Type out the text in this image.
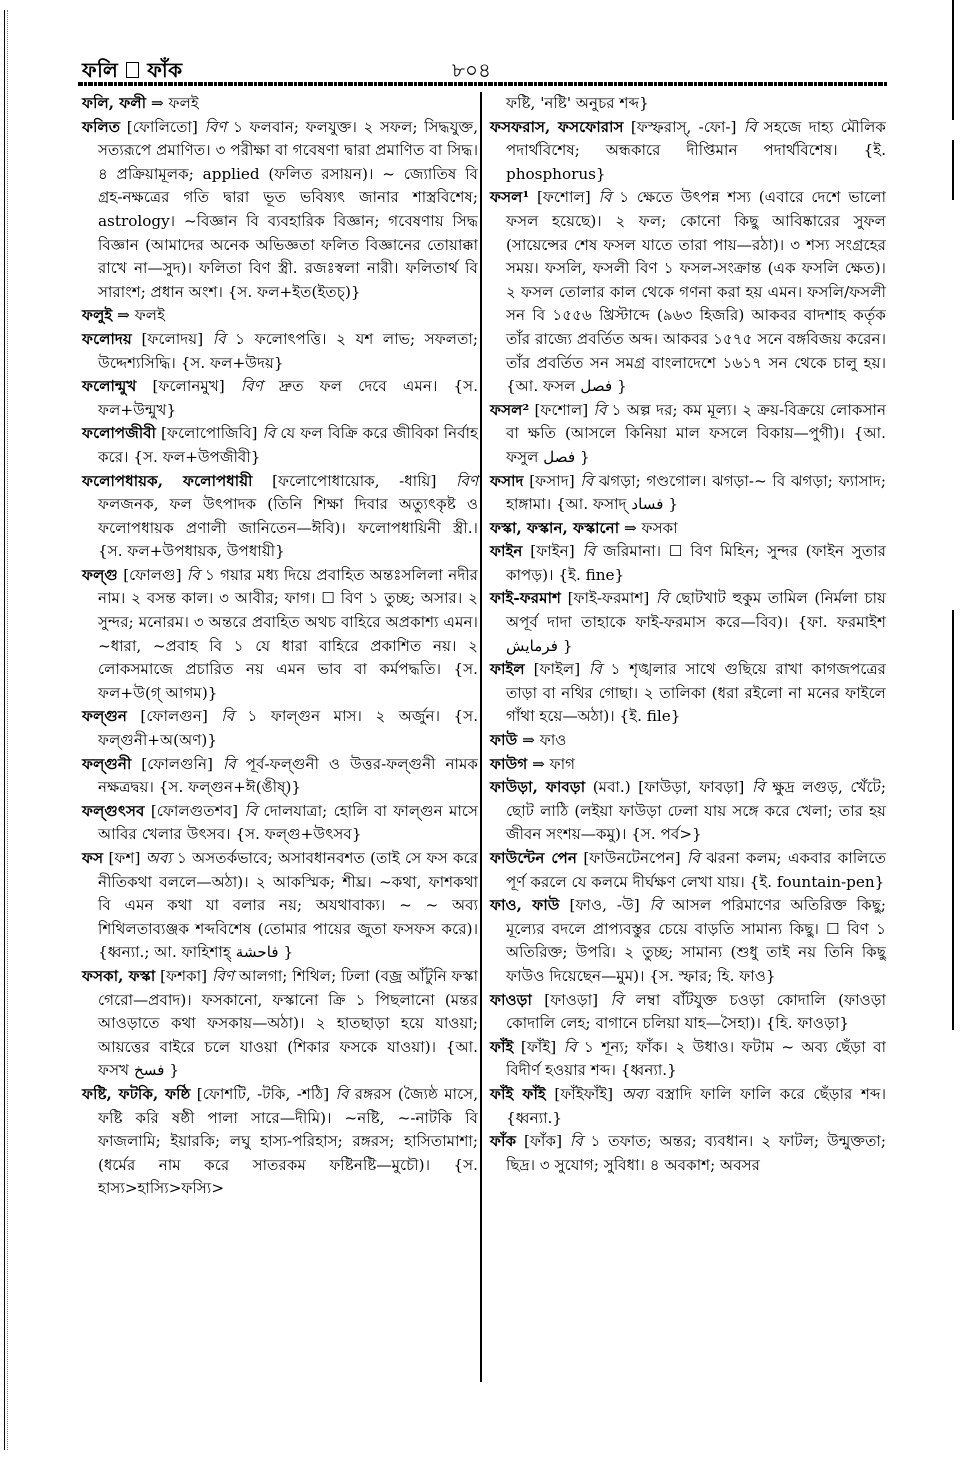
ফলি ফাঁক	৮০৪

ফলি, ফলী ⇒ ফলই

ফলিত [ফোলিতো] বিণ ১ ফলবান; ফলযুক্ত। ২ সফল; সিদ্ধযুক্ত, সত্যরূপে প্রমাণিত। ৩ পরীক্ষা বা গবেষণা দ্বারা প্রমাণিত বা সিদ্ধ। ৪ প্রক্রিয়ামূলক; applied (ফলিত রসায়ন)। ~ জ্যোতিষ বি গ্রহ-নক্ষত্রের গতি দ্বারা ভূত ভবিষ্যৎ জানার শাস্ত্রবিশেষ; astrology। ~বিজ্ঞান বি ব্যবহারিক বিজ্ঞান; গবেষণায় সিদ্ধ বিজ্ঞান (আমাদের অনেক অভিজ্ঞতা ফলিত বিজ্ঞানের তোয়াক্কা রাখে না—সুদ)। ফলিতা বিণ স্ত্রী. রজঃস্বলা নারী। ফলিতার্থ বি সারাংশ; প্রধান অংশ। {স. ফল+ইত(ইতচ্)}

ফলুই ⇒ ফলই

ফলোদয় [ফলোদয়] বি ১ ফলোৎপত্তি। ২ যশ লাভ; সফলতা; উদ্দেশ্যসিদ্ধি। {স. ফল+উদয়}

ফলোন্মুখ [ফলোনমুখ] বিণ দ্রুত ফল দেবে এমন। {স. ফল+উন্মুখ}

ফলোপজীবী [ফলোপোজিবি] বি যে ফল বিক্রি করে জীবিকা নির্বাহ করে। {স. ফল+উপজীবী}

ফলোপধায়ক, ফলোপধায়ী [ফলোপোধায়োক, -ধায়ি] বিণ ফলজনক, ফল উৎপাদক (তিনি শিক্ষা দিবার অত্যুৎকৃষ্ট ও ফলোপধায়ক প্রণালী জানিতেন—ঈবি)। ফলোপধায়িনী স্ত্রী.। {স. ফল+উপধায়ক, উপধায়ী}

ফল্গু [ফোলগু] বি ১ গয়ার মধ্য দিয়ে প্রবাহিত অন্তঃসলিলা নদীর নাম। ২ বসন্ত কাল। ৩ আবীর; ফাগ। ☐ বিণ ১ তুচ্ছ; অসার। ২ সুন্দর; মনোরম। ৩ অন্তরে প্রবাহিত অথচ বাহিরে অপ্রকাশ্য এমন। ~ধারা, ~প্রবাহ বি ১ যে ধারা বাহিরে প্রকাশিত নয়। ২ লোকসমাজে প্রচারিত নয় এমন ভাব বা কর্মপদ্ধতি। {স. ফল+উ(গ্ আগম)}

ফল্গুন [ফোলগুন] বি ১ ফাল্গুন মাস। ২ অর্জুন। {স. ফল্গুনী+অ(অণ)}

ফল্গুনী [ফোলগুনি] বি পূর্ব-ফল্গুনী ও উত্তর-ফল্গুনী নামক নক্ষত্রদ্বয়। {স. ফল্গুন+ঈ(ঙীষ্)}

ফল্গুৎসব [ফোলগুতশব] বি দোলযাত্রা; হোলি বা ফাল্গুন মাসে আবির খেলার উৎসব। {স. ফল্গু+উৎসব}

ফস [ফশ] অব্য ১ অসতর্কভাবে; অসাবধানবশত (তাই সে ফস করে নীতিকথা বললে—অঠা)। ২ আকস্মিক; শীঘ্র। ~কথা, ফাশকথা বি এমন কথা যা বলার নয়; অযথাবাক্য। ~ ~ অব্য শিথিলতাব্যঞ্জক শব্দবিশেষ (তোমার পায়ের জুতা ফসফস করে)। {ধ্বন্যা.; আ. ফাহিশাহ্ فاحشة }

ফসকা, ফস্কা [ফশকা] বিণ আলগা; শিথিল; ঢিলা (বজ্র আঁটুনি ফস্কা গেরো—প্রবাদ)। ফসকানো, ফস্কানো ক্রি ১ পিছলানো (মন্তর আওড়াতে কথা ফসকায়—অঠা)। ২ হাতছাড়া হয়ে যাওয়া; আয়ত্তের বাইরে চলে যাওয়া (শিকার ফসকে যাওয়া)। {আ. ফসখ فسخ }

ফষ্টি, ফটকি, ফষ্ঠি [ফোশটি, -টকি, -শঠি] বি রঙ্গরস (জ্যৈষ্ঠ মাসে, ফষ্টি করি ষষ্ঠী পালা সারে—দীমি)। ~নষ্টি, ~-নাটকি বি ফাজলামি; ইয়ারকি; লঘু হাস্য-পরিহাস; রঙ্গরস; হাসিতামাশা; (ধর্মের নাম করে সাতরকম ফষ্টিনষ্টি—মুচৌ)। {স. হাস্য>হাস্যি>ফস্যি>

ফষ্টি, 'নষ্টি' অনুচর শব্দ}

ফসফরাস, ফসফোরাস [ফস্ফরাস্, -ফো-] বি সহজে দাহ্য মৌলিক পদার্থবিশেষ; অন্ধকারে দীপ্তিমান পদার্থবিশেষ। {ই. phosphorus}

ফসল¹ [ফশোল] বি ১ ক্ষেতে উৎপন্ন শস্য (এবারে দেশে ভালো ফসল হয়েছে)। ২ ফল; কোনো কিছু আবিষ্কারের সুফল (সায়েন্সের শেষ ফসল যাতে তারা পায়—রঠা)। ৩ শস্য সংগ্রহের সময়। ফসলি, ফসলী বিণ ১ ফসল-সংক্রান্ত (এক ফসলি ক্ষেত)। ২ ফসল তোলার কাল থেকে গণনা করা হয় এমন। ফসলি/ফসলী সন বি ১৫৫৬ খ্রিস্টাব্দে (৯৬৩ হিজরি) আকবর বাদশাহ কর্তৃক তাঁর রাজ্যে প্রবর্তিত অব্দ। আকবর ১৫৭৫ সনে বঙ্গবিজয় করেন। তাঁর প্রবর্তিত সন সমগ্র বাংলাদেশে ১৬১৭ সন থেকে চালু হয়। {আ. ফসল فصل }

ফসল² [ফশোল] বি ১ অল্প দর; কম মূল্য। ২ ক্রয়-বিক্রয়ে লোকসান বা ক্ষতি (আসলে কিনিয়া মাল ফসলে বিকায়—পুগী)। {আ. ফসুল فصل }

ফসাদ [ফসাদ] বি ঝগড়া; গণ্ডগোল। ঝগড়া-~ বি ঝগড়া; ফ্যাসাদ; হাঙ্গামা। {আ. ফসাদ্ فساد }

ফস্কা, ফস্কান, ফস্কানো ⇒ ফসকা

ফাইন [ফাইন] বি জরিমানা। ☐ বিণ মিহিন; সুন্দর (ফাইন সুতার কাপড়)। {ই. fine}

ফাই-ফরমাশ [ফাই-ফরমাশ] বি ছোটখাট হুকুম তামিল (নির্মলা চায় অপূর্ব দাদা তাহাকে ফাই-ফরমাস করে—বিব)। {ফা. ফরমাইশ فرمایش }

ফাইল [ফাইল] বি ১ শৃঙ্খলার সাথে গুছিয়ে রাখা কাগজপত্রের তাড়া বা নথির গোছা। ২ তালিকা (ধরা রইলো না মনের ফাইলে গাঁথা হয়ে—অঠা)। {ই. file}

ফাউ ⇒ ফাও

ফাউগ ⇒ ফাগ

ফাউড়া, ফাবড়া (মবা.) [ফাউড়া, ফাবড়া] বি ক্ষুদ্র লগুড়, খেঁটে; ছোট লাঠি (লইয়া ফাউড়া ঢেলা যায় সঙ্গে করে খেলা; তার হয় জীবন সংশয়—কমু)। {স. পর্ব>}

ফাউন্টেন পেন [ফাউনটেনপেন] বি ঝরনা কলম; একবার কালিতে পূর্ণ করলে যে কলমে দীর্ঘক্ষণ লেখা যায়। {ই. fountain-pen}

ফাও, ফাউ [ফাও, -উ] বি আসল পরিমাণের অতিরিক্ত কিছু; মূল্যের বদলে প্রাপ্যবস্তুর চেয়ে বাড়তি সামান্য কিছু। ☐ বিণ ১ অতিরিক্ত; উপরি। ২ তুচ্ছ; সামান্য (শুধু তাই নয় তিনি কিছু ফাউও দিয়েছেন—মুম)। {স. স্ফার; হি. ফাও}

ফাওড়া [ফাওড়া] বি লম্বা বাঁটযুক্ত চওড়া কোদালি (ফাওড়া কোদালি লেহ; বাগানে চলিয়া যাহ—সৈহা)। {হি. ফাওড়া}

ফাঁই [ফাঁই] বি ১ শূন্য; ফাঁক। ২ উধাও। ফটাম ~ অব্য ছেঁড়া বা বিদীর্ণ হওয়ার শব্দ। {ধ্বন্যা.}

ফাঁই ফাঁই [ফাঁইফাঁই] অব্য বস্ত্রাদি ফালি ফালি করে ছেঁড়ার শব্দ। {ধ্বন্যা.}

ফাঁক [ফাঁক] বি ১ তফাত; অন্তর; ব্যবধান। ২ ফাটল; উন্মুক্ততা; ছিদ্র। ৩ সুযোগ; সুবিধা। ৪ অবকাশ; অবসর
